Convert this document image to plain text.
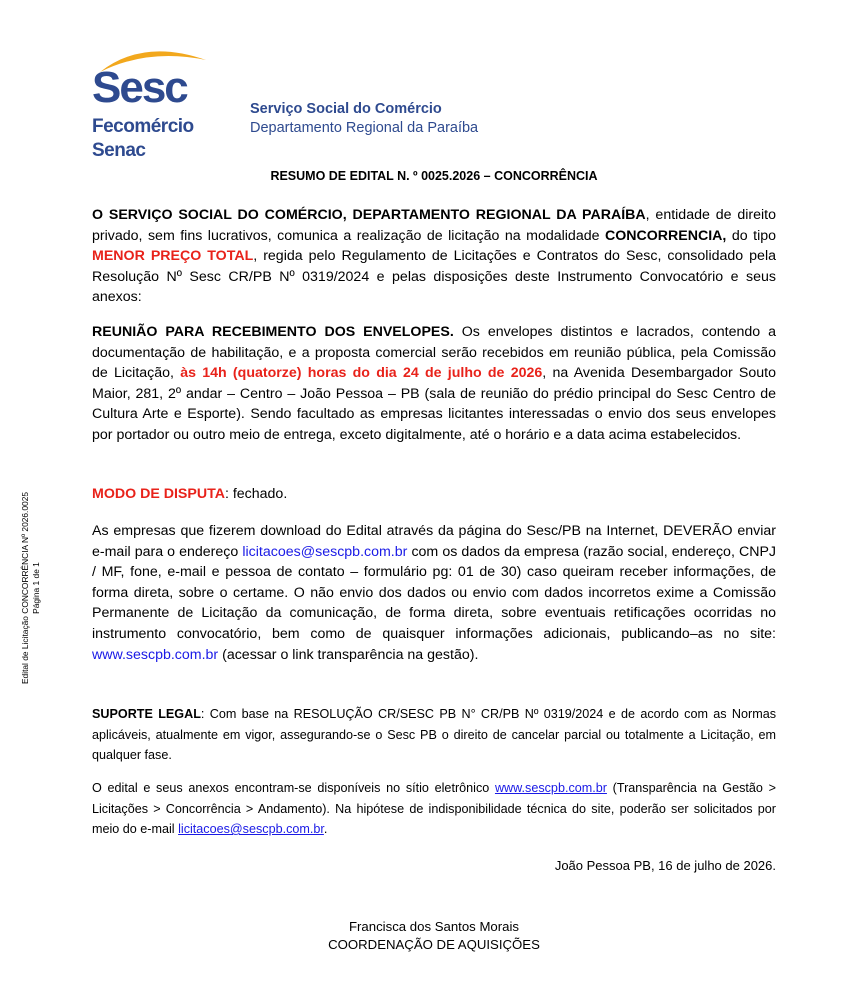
Sesc
Fecomércio
Senac
Serviço Social do Comércio
Departamento Regional da Paraíba
RESUMO DE EDITAL N. º 0025.2026 – CONCORRÊNCIA

O SERVIÇO SOCIAL DO COMÉRCIO, DEPARTAMENTO REGIONAL DA PARAÍBA, entidade de direito privado, sem fins lucrativos, comunica a realização de licitação na modalidade CONCORRENCIA, do tipo MENOR PREÇO TOTAL, regida pelo Regulamento de Licitações e Contratos do Sesc, consolidado pela Resolução Nº Sesc CR/PB Nº 0319/2024 e pelas disposições deste Instrumento Convocatório e seus anexos:

REUNIÃO PARA RECEBIMENTO DOS ENVELOPES. Os envelopes distintos e lacrados, contendo a documentação de habilitação, e a proposta comercial serão recebidos em reunião pública, pela Comissão de Licitação, às 14h (quatorze) horas do dia 24 de julho de 2026, na Avenida Desembargador Souto Maior, 281, 2º andar – Centro – João Pessoa – PB (sala de reunião do prédio principal do Sesc Centro de Cultura Arte e Esporte). Sendo facultado as empresas licitantes interessadas o envio dos seus envelopes por portador ou outro meio de entrega, exceto digitalmente, até o horário e a data acima estabelecidos.

MODO DE DISPUTA: fechado.

As empresas que fizerem download do Edital através da página do Sesc/PB na Internet, DEVERÃO enviar e-mail para o endereço licitacoes@sescpb.com.br com os dados da empresa (razão social, endereço, CNPJ / MF, fone, e-mail e pessoa de contato – formulário pg: 01 de 30) caso queiram receber informações, de forma direta, sobre o certame. O não envio dos dados ou envio com dados incorretos exime a Comissão Permanente de Licitação da comunicação, de forma direta, sobre eventuais retificações ocorridas no instrumento convocatório, bem como de quaisquer informações adicionais, publicando–as no site: www.sescpb.com.br (acessar o link transparência na gestão).

SUPORTE LEGAL: Com base na RESOLUÇÃO CR/SESC PB N° CR/PB Nº 0319/2024 e de acordo com as Normas aplicáveis, atualmente em vigor, assegurando-se o Sesc PB o direito de cancelar parcial ou totalmente a Licitação, em qualquer fase.

O edital e seus anexos encontram-se disponíveis no sítio eletrônico www.sescpb.com.br (Transparência na Gestão > Licitações > Concorrência > Andamento). Na hipótese de indisponibilidade técnica do site, poderão ser solicitados por meio do e-mail licitacoes@sescpb.com.br.

João Pessoa PB, 16 de julho de 2026.
Francisca dos Santos Morais
COORDENAÇÃO DE AQUISIÇÕES
Edital de Licitação CONCORRÊNCIA Nº 2026.0025 Página 1 de 1
